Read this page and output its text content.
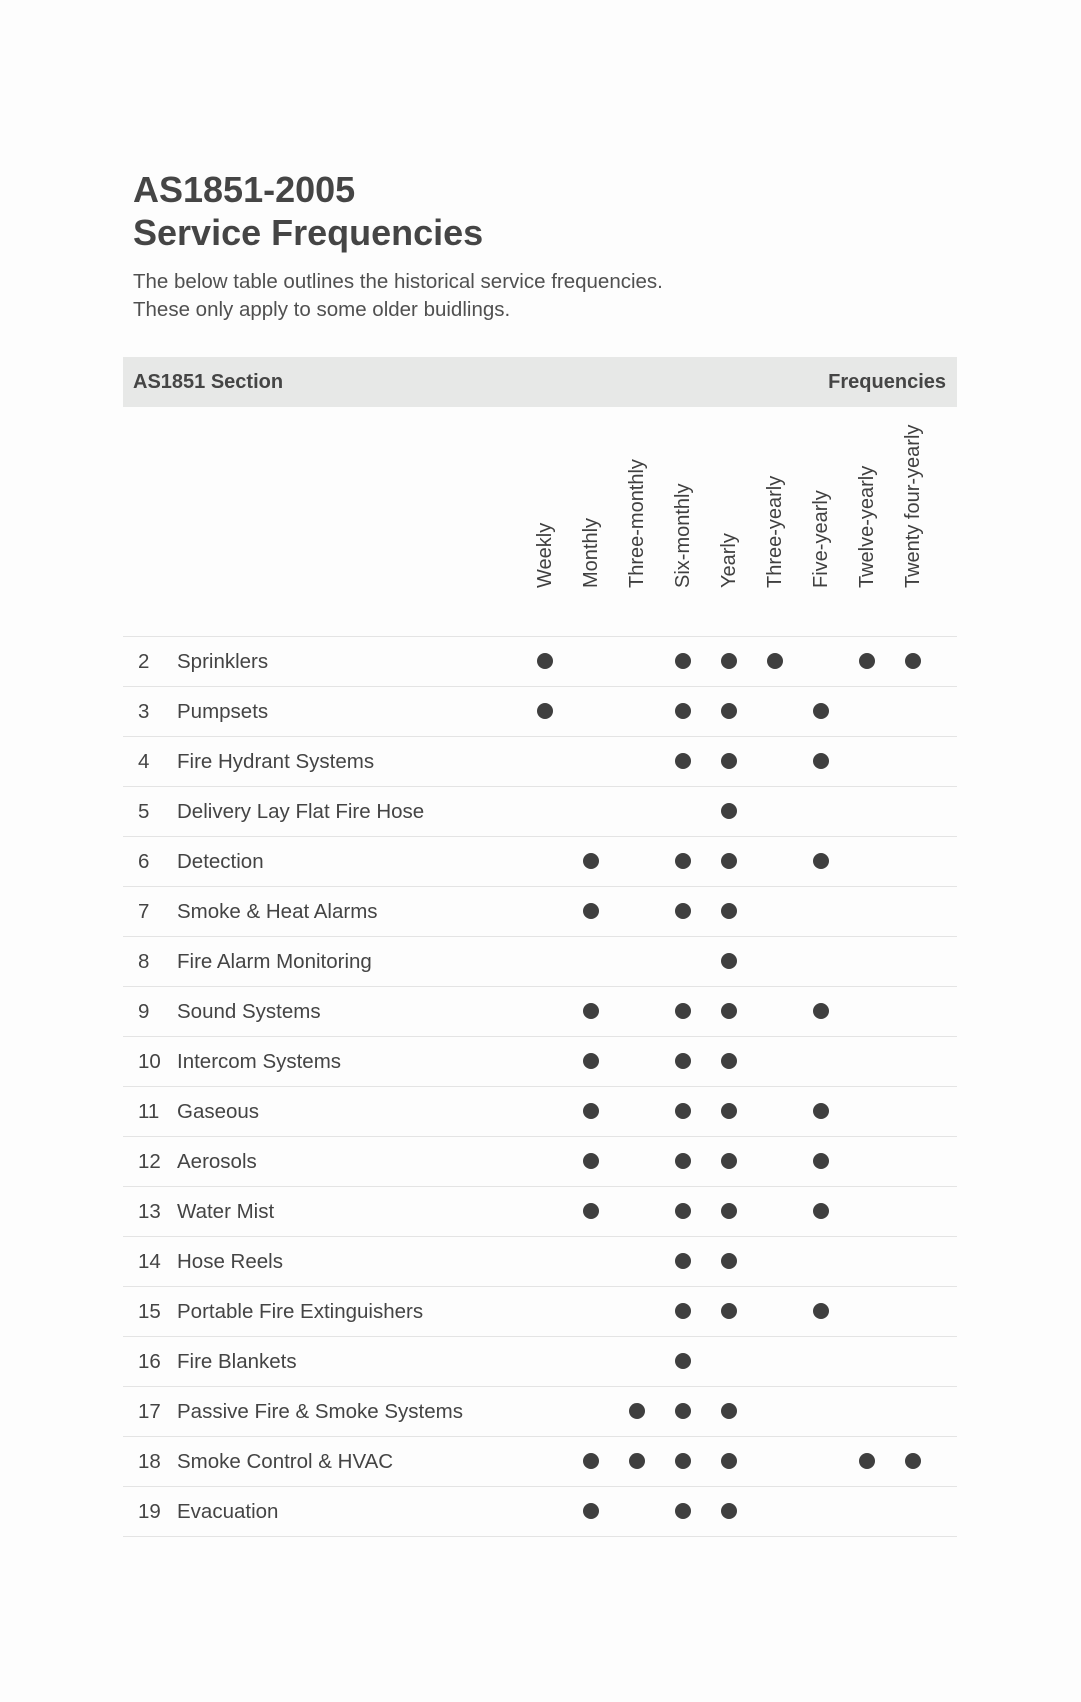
AS1851-2005
Service Frequencies

The below table outlines the historical service frequencies. These only apply to some older buidlings.

AS1851 Section	Frequencies
Weekly Monthly Three-monthly Six-monthly Yearly Three-yearly Five-yearly Twelve-yearly Twenty four-yearly
2 Sprinklers
3 Pumpsets
4 Fire Hydrant Systems
5 Delivery Lay Flat Fire Hose
6 Detection
7 Smoke & Heat Alarms
8 Fire Alarm Monitoring
9 Sound Systems
10 Intercom Systems
11 Gaseous
12 Aerosols
13 Water Mist
14 Hose Reels
15 Portable Fire Extinguishers
16 Fire Blankets
17 Passive Fire & Smoke Systems
18 Smoke Control & HVAC
19 Evacuation
